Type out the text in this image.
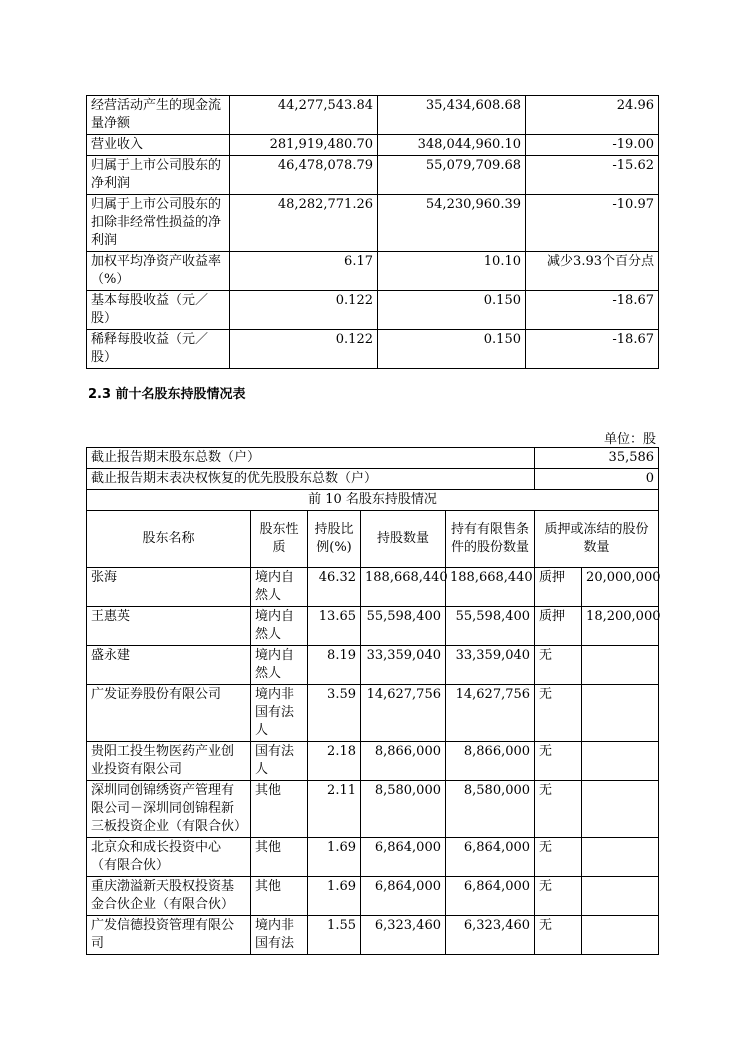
经营活动产生的现金流量净额	44,277,543.84	35,434,608.68	24.96
营业收入	281,919,480.70	348,044,960.10	-19.00
归属于上市公司股东的净利润	46,478,078.79	55,079,709.68	-15.62
归属于上市公司股东的扣除非经常性损益的净利润	48,282,771.26	54,230,960.39	-10.97
加权平均净资产收益率（%）	6.17	10.10	减少3.93个百分点
基本每股收益（元／股）	0.122	0.150	-18.67
稀释每股收益（元／股）	0.122	0.150	-18.67
2.3 前十名股东持股情况表
单位：股
截止报告期末股东总数（户）					35,586	
截止报告期末表决权恢复的优先股股东总数（户）					0	
前 10 名股东持股情况						
股东名称	股东性质	持股比例(%)	持股数量	持有有限售条件的股份数量	质押或冻结的股份数量	
张海	境内自然人	46.32	188,668,440	188,668,440	质押	20,000,000
王惠英	境内自然人	13.65	55,598,400	55,598,400	质押	18,200,000
盛永建	境内自然人	8.19	33,359,040	33,359,040	无	
广发证券股份有限公司	境内非国有法人	3.59	14,627,756	14,627,756	无	
贵阳工投生物医药产业创业投资有限公司	国有法人	2.18	8,866,000	8,866,000	无	
深圳同创锦绣资产管理有限公司－深圳同创锦程新三板投资企业（有限合伙）	其他	2.11	8,580,000	8,580,000	无	
北京众和成长投资中心（有限合伙）	其他	1.69	6,864,000	6,864,000	无	
重庆渤溢新天股权投资基金合伙企业（有限合伙）	其他	1.69	6,864,000	6,864,000	无	
广发信德投资管理有限公司	境内非国有法	1.55	6,323,460	6,323,460	无	
